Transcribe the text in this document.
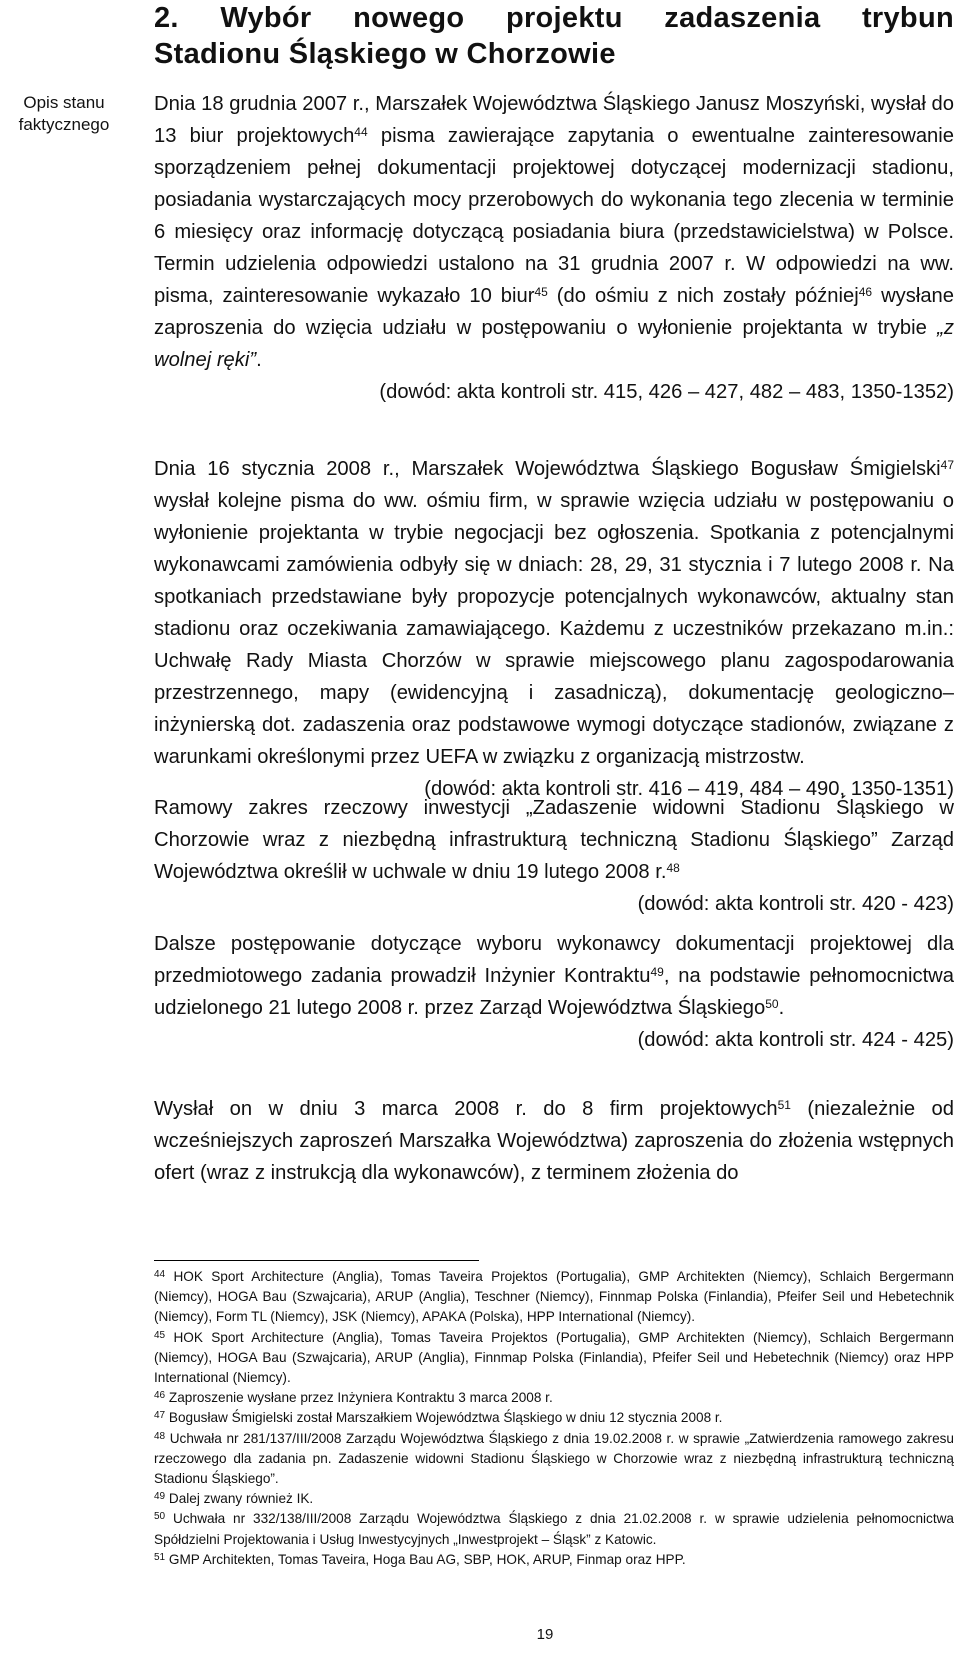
Opis stanu
faktycznego
2. Wybór nowego projektu zadaszenia trybun
Stadionu Śląskiego w Chorzowie

Dnia 18 grudnia 2007 r., Marszałek Województwa Śląskiego Janusz Moszyński, wysłał do 13 biur projektowych$^{44}$ pisma zawierające zapytania o ewentualne zainteresowanie sporządzeniem pełnej dokumentacji projektowej dotyczącej modernizacji stadionu, posiadania wystarczających mocy przerobowych do wykonania tego zlecenia w terminie 6 miesięcy oraz informację dotyczącą posiadania biura (przedstawicielstwa) w Polsce. Termin udzielenia odpowiedzi ustalono na 31 grudnia 2007 r. W odpowiedzi na ww. pisma, zainteresowanie wykazało 10 biur$^{45}$ (do ośmiu z nich zostały później$^{46}$ wysłane zaproszenia do wzięcia udziału w postępowaniu o wyłonienie projektanta w trybie „z wolnej ręki”.

(dowód: akta kontroli str. 415, 426 – 427, 482 – 483, 1350-1352)

Dnia 16 stycznia 2008 r., Marszałek Województwa Śląskiego Bogusław Śmigielski$^{47}$ wysłał kolejne pisma do ww. ośmiu firm, w sprawie wzięcia udziału w postępowaniu o wyłonienie projektanta w trybie negocjacji bez ogłoszenia. Spotkania z potencjalnymi wykonawcami zamówienia odbyły się w dniach: 28, 29, 31 stycznia i 7 lutego 2008 r. Na spotkaniach przedstawiane były propozycje potencjalnych wykonawców, aktualny stan stadionu oraz oczekiwania zamawiającego. Każdemu z uczestników przekazano m.in.: Uchwałę Rady Miasta Chorzów w sprawie miejscowego planu zagospodarowania przestrzennego, mapy (ewidencyjną i zasadniczą), dokumentację geologiczno–inżynierską dot. zadaszenia oraz podstawowe wymogi dotyczące stadionów, związane z warunkami określonymi przez UEFA w związku z organizacją mistrzostw.

(dowód: akta kontroli str. 416 – 419, 484 – 490, 1350-1351)

Ramowy zakres rzeczowy inwestycji „Zadaszenie widowni Stadionu Śląskiego w Chorzowie wraz z niezbędną infrastrukturą techniczną Stadionu Śląskiego” Zarząd Województwa określił w uchwale w dniu 19 lutego 2008 r.$^{48}$

(dowód: akta kontroli str. 420 - 423)

Dalsze postępowanie dotyczące wyboru wykonawcy dokumentacji projektowej dla przedmiotowego zadania prowadził Inżynier Kontraktu$^{49}$, na podstawie pełnomocnictwa udzielonego 21 lutego 2008 r. przez Zarząd Województwa Śląskiego$^{50}$.

(dowód: akta kontroli str. 424 - 425)

Wysłał on w dniu 3 marca 2008 r. do 8 firm projektowych$^{51}$ (niezależnie od wcześniejszych zaproszeń Marszałka Województwa) zaproszenia do złożenia wstępnych ofert (wraz z instrukcją dla wykonawców), z terminem złożenia do

$^{44}$ HOK Sport Architecture (Anglia), Tomas Taveira Projektos (Portugalia), GMP Architekten (Niemcy), Schlaich Bergermann (Niemcy), HOGA Bau (Szwajcaria), ARUP (Anglia), Teschner (Niemcy), Finnmap Polska (Finlandia), Pfeifer Seil und Hebetechnik (Niemcy), Form TL (Niemcy), JSK (Niemcy), APAKA (Polska), HPP International (Niemcy).

$^{45}$ HOK Sport Architecture (Anglia), Tomas Taveira Projektos (Portugalia), GMP Architekten (Niemcy), Schlaich Bergermann (Niemcy), HOGA Bau (Szwajcaria), ARUP (Anglia), Finnmap Polska (Finlandia), Pfeifer Seil und Hebetechnik (Niemcy) oraz HPP International (Niemcy).

$^{46}$ Zaproszenie wysłane przez Inżyniera Kontraktu 3 marca 2008 r.

$^{47}$ Bogusław Śmigielski został Marszałkiem Województwa Śląskiego w dniu 12 stycznia 2008 r.

$^{48}$ Uchwała nr 281/137/III/2008 Zarządu Województwa Śląskiego z dnia 19.02.2008 r. w sprawie „Zatwierdzenia ramowego zakresu rzeczowego dla zadania pn. Zadaszenie widowni Stadionu Śląskiego w Chorzowie wraz z niezbędną infrastrukturą techniczną Stadionu Śląskiego”.

$^{49}$ Dalej zwany również IK.

$^{50}$ Uchwała nr 332/138/III/2008 Zarządu Województwa Śląskiego z dnia 21.02.2008 r. w sprawie udzielenia pełnomocnictwa Spółdzielni Projektowania i Usług Inwestycyjnych „Inwestprojekt – Śląsk” z Katowic.

$^{51}$ GMP Architekten, Tomas Taveira, Hoga Bau AG, SBP, HOK, ARUP, Finmap oraz HPP.

19
